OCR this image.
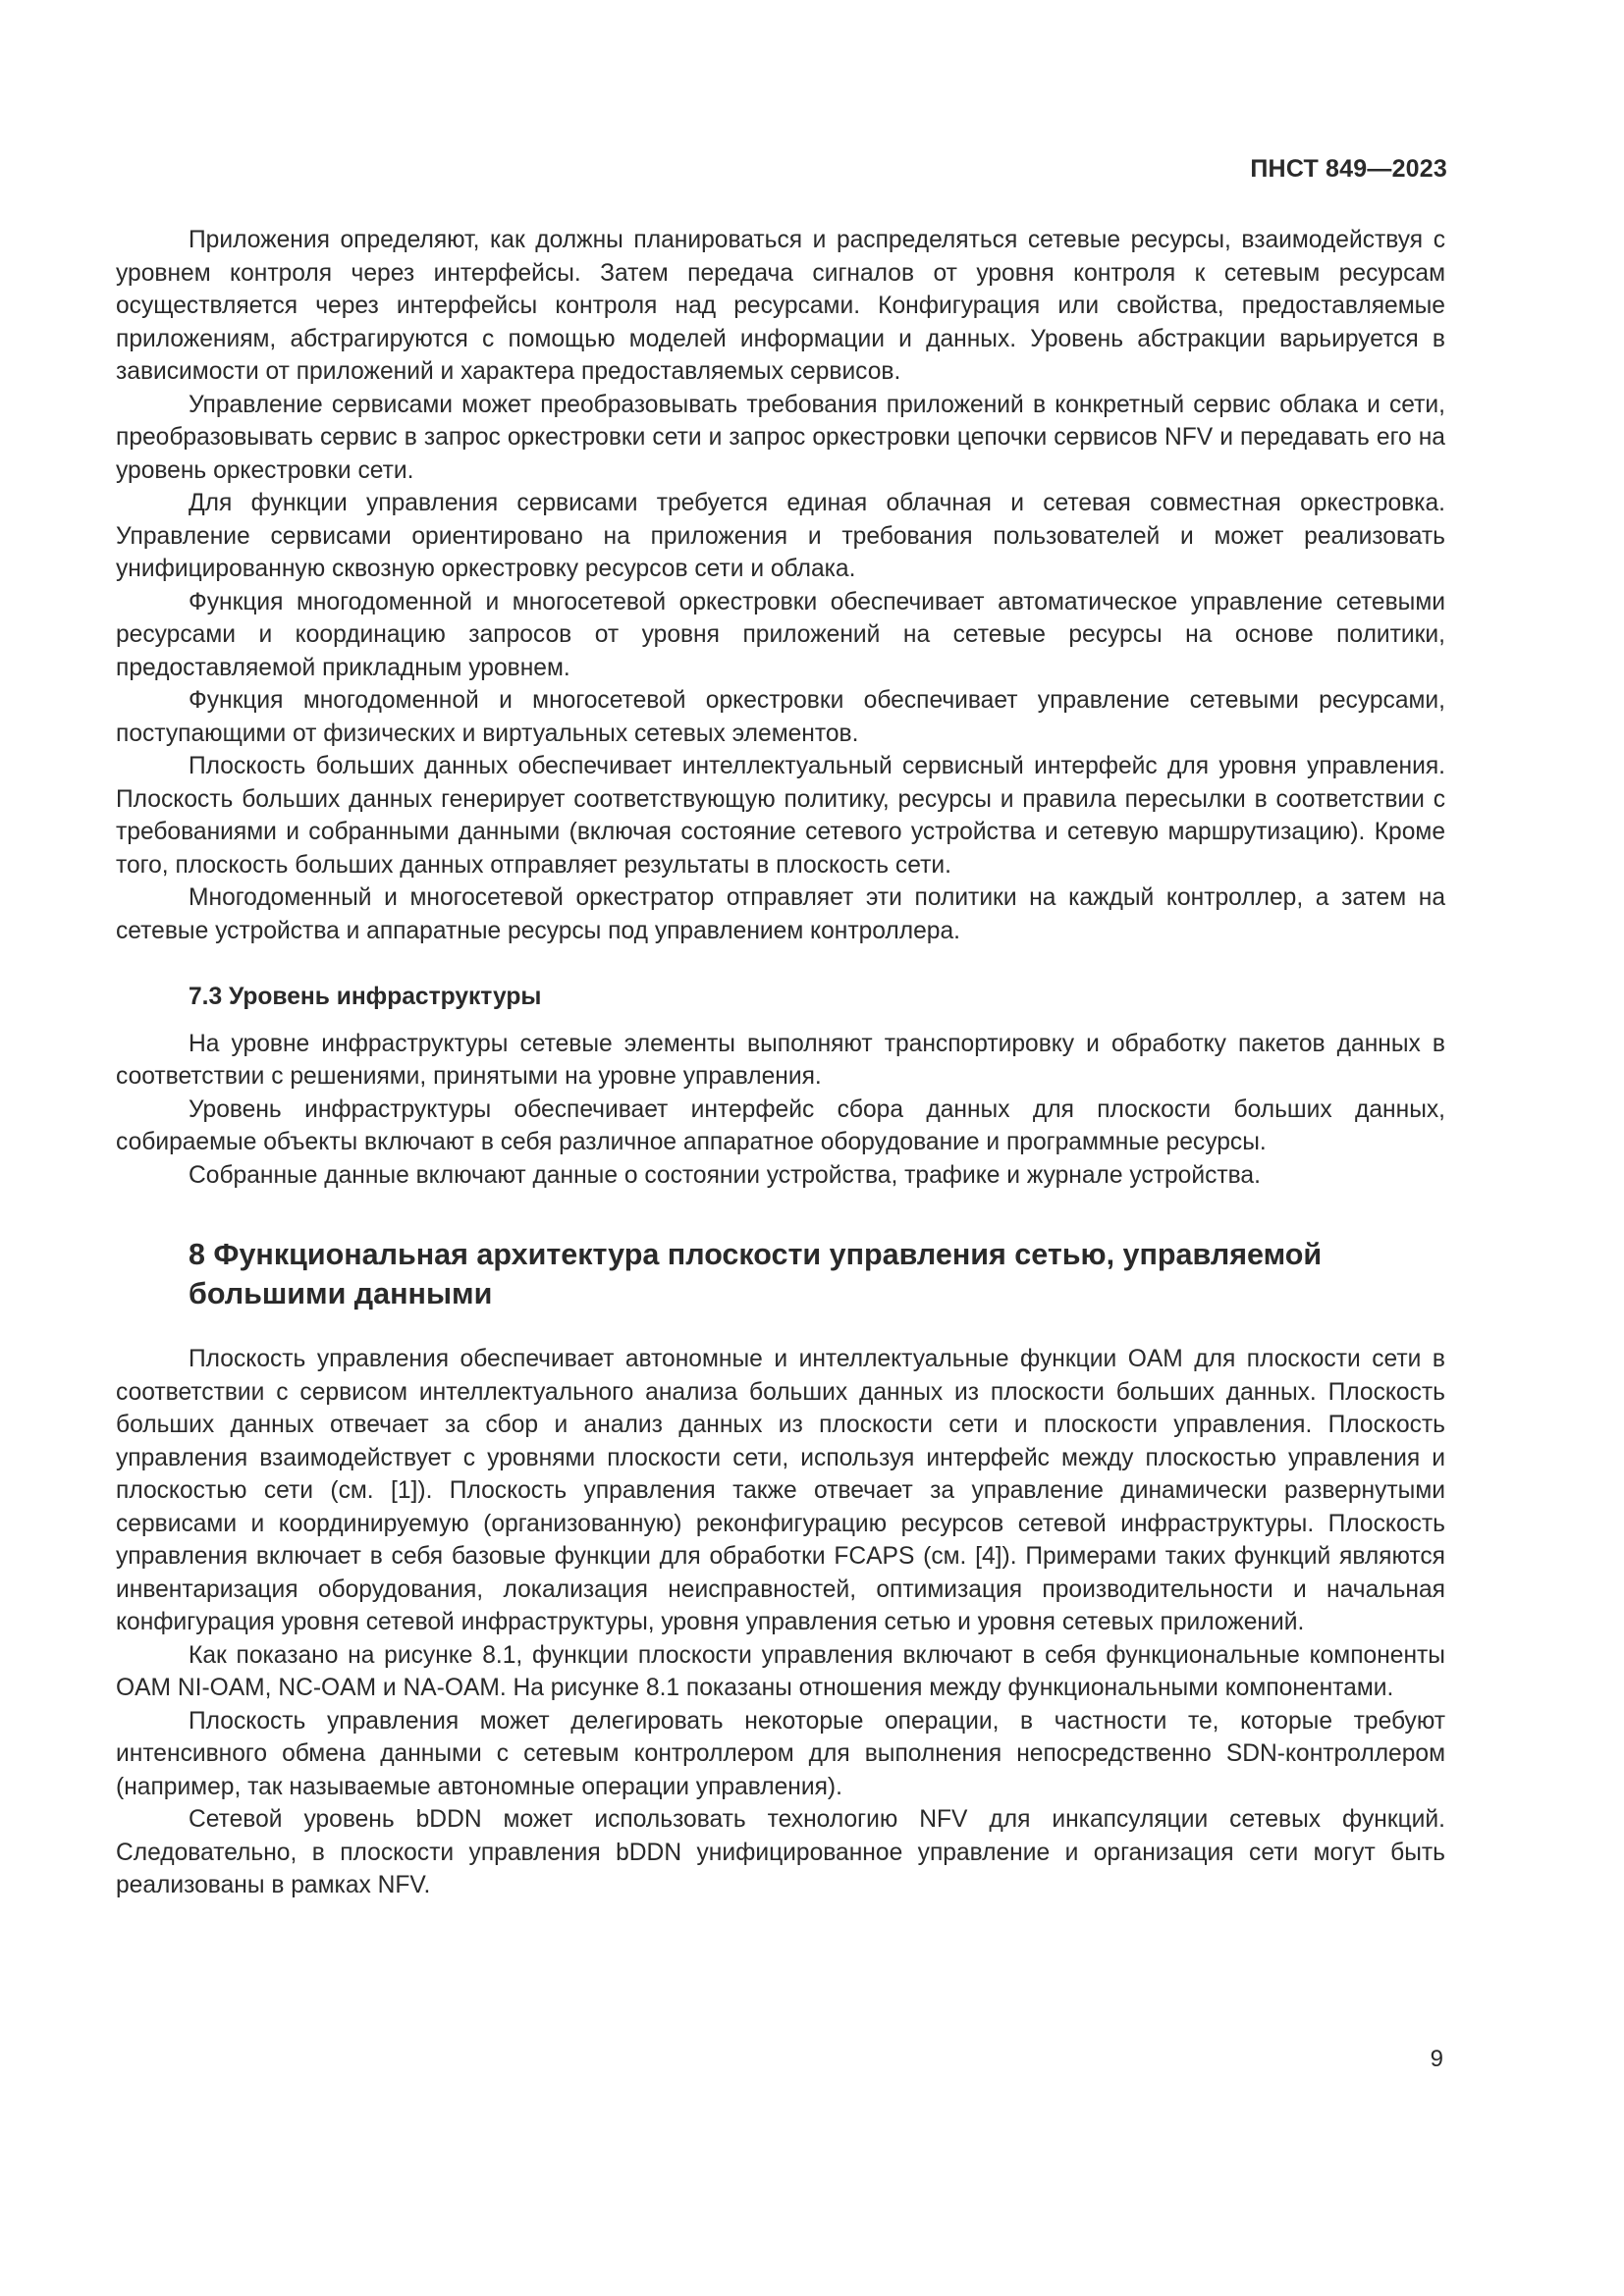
ПНСТ 849—2023

Приложения определяют, как должны планироваться и распределяться сетевые ресурсы, взаимодействуя с уровнем контроля через интерфейсы. Затем передача сигналов от уровня контроля к сетевым ресурсам осуществляется через интерфейсы контроля над ресурсами. Конфигурация или свойства, предоставляемые приложениям, абстрагируются с помощью моделей информации и данных. Уровень абстракции варьируется в зависимости от приложений и характера предоставляемых сервисов.

Управление сервисами может преобразовывать требования приложений в конкретный сервис облака и сети, преобразовывать сервис в запрос оркестровки сети и запрос оркестровки цепочки сервисов NFV и передавать его на уровень оркестровки сети.

Для функции управления сервисами требуется единая облачная и сетевая совместная оркестровка. Управление сервисами ориентировано на приложения и требования пользователей и может реализовать унифицированную сквозную оркестровку ресурсов сети и облака.

Функция многодоменной и многосетевой оркестровки обеспечивает автоматическое управление сетевыми ресурсами и координацию запросов от уровня приложений на сетевые ресурсы на основе политики, предоставляемой прикладным уровнем.

Функция многодоменной и многосетевой оркестровки обеспечивает управление сетевыми ресурсами, поступающими от физических и виртуальных сетевых элементов.

Плоскость больших данных обеспечивает интеллектуальный сервисный интерфейс для уровня управления. Плоскость больших данных генерирует соответствующую политику, ресурсы и правила пересылки в соответствии с требованиями и собранными данными (включая состояние сетевого устройства и сетевую маршрутизацию). Кроме того, плоскость больших данных отправляет результаты в плоскость сети.

Многодоменный и многосетевой оркестратор отправляет эти политики на каждый контроллер, а затем на сетевые устройства и аппаратные ресурсы под управлением контроллера.

7.3 Уровень инфраструктуры

На уровне инфраструктуры сетевые элементы выполняют транспортировку и обработку пакетов данных в соответствии с решениями, принятыми на уровне управления.

Уровень инфраструктуры обеспечивает интерфейс сбора данных для плоскости больших данных, собираемые объекты включают в себя различное аппаратное оборудование и программные ресурсы.

Собранные данные включают данные о состоянии устройства, трафике и журнале устройства.

8 Функциональная архитектура плоскости управления сетью, управляемой большими данными

Плоскость управления обеспечивает автономные и интеллектуальные функции OAM для плоскости сети в соответствии с сервисом интеллектуального анализа больших данных из плоскости больших данных. Плоскость больших данных отвечает за сбор и анализ данных из плоскости сети и плоскости управления. Плоскость управления взаимодействует с уровнями плоскости сети, используя интерфейс между плоскостью управления и плоскостью сети (см. [1]). Плоскость управления также отвечает за управление динамически развернутыми сервисами и координируемую (организованную) реконфигурацию ресурсов сетевой инфраструктуры. Плоскость управления включает в себя базовые функции для обработки FCAPS (см. [4]). Примерами таких функций являются инвентаризация оборудования, локализация неисправностей, оптимизация производительности и начальная конфигурация уровня сетевой инфраструктуры, уровня управления сетью и уровня сетевых приложений.

Как показано на рисунке 8.1, функции плоскости управления включают в себя функциональные компоненты OAM NI-OAM, NC-OAM и NA-OAM. На рисунке 8.1 показаны отношения между функциональными компонентами.

Плоскость управления может делегировать некоторые операции, в частности те, которые требуют интенсивного обмена данными с сетевым контроллером для выполнения непосредственно SDN-контроллером (например, так называемые автономные операции управления).

Сетевой уровень bDDN может использовать технологию NFV для инкапсуляции сетевых функций. Следовательно, в плоскости управления bDDN унифицированное управление и организация сети могут быть реализованы в рамках NFV.

9
